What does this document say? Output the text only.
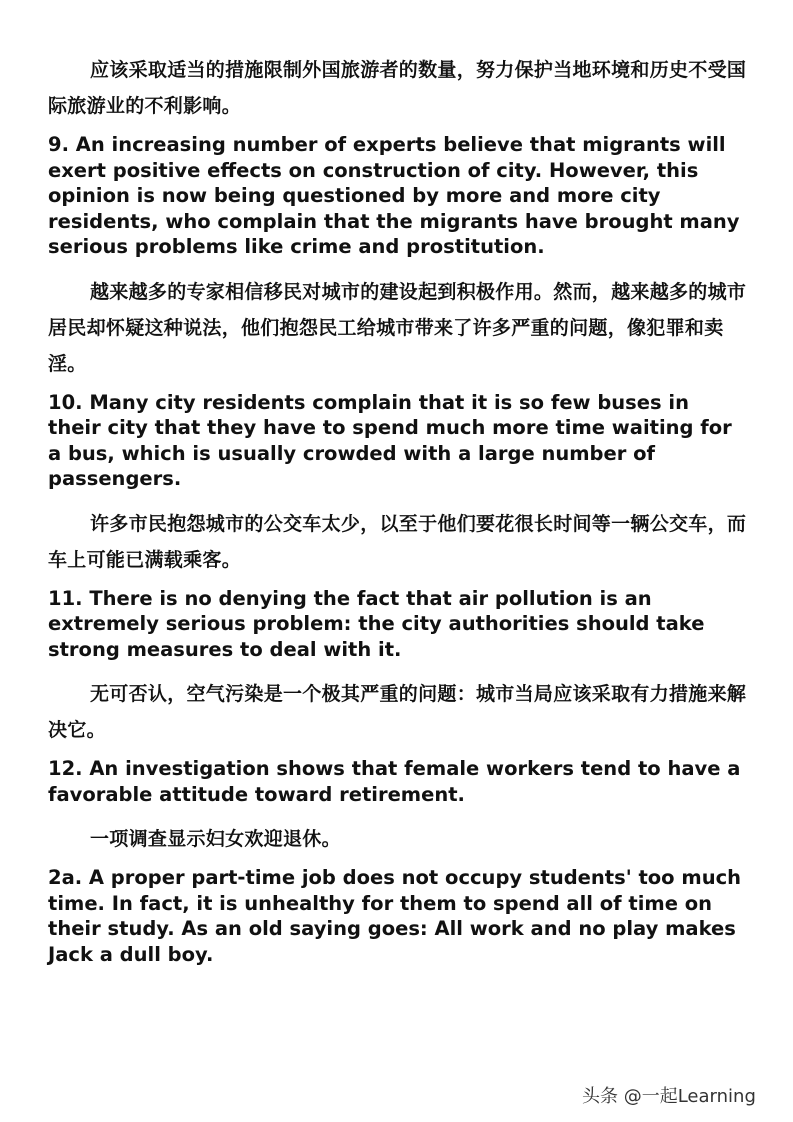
应该采取适当的措施限制外国旅游者的数量，努力保护当地环境和历史不受国际旅游业的不利影响。

9. An increasing number of experts believe that migrants will exert positive effects on construction of city. However, this opinion is now being questioned by more and more city residents, who complain that the migrants have brought many serious problems like crime and prostitution.

越来越多的专家相信移民对城市的建设起到积极作用。然而，越来越多的城市居民却怀疑这种说法，他们抱怨民工给城市带来了许多严重的问题，像犯罪和卖淫。

10. Many city residents complain that it is so few buses in their city that they have to spend much more time waiting for a bus, which is usually crowded with a large number of passengers.

许多市民抱怨城市的公交车太少，以至于他们要花很长时间等一辆公交车，而车上可能已满载乘客。

11. There is no denying the fact that air pollution is an extremely serious problem: the city authorities should take strong measures to deal with it.

无可否认，空气污染是一个极其严重的问题：城市当局应该采取有力措施来解决它。

12. An investigation shows that female workers tend to have a favorable attitude toward retirement.

一项调查显示妇女欢迎退休。

2a. A proper part-time job does not occupy students' too much time. In fact, it is unhealthy for them to spend all of time on their study. As an old saying goes: All work and no play makes Jack a dull boy.

头条 @一起Learning
